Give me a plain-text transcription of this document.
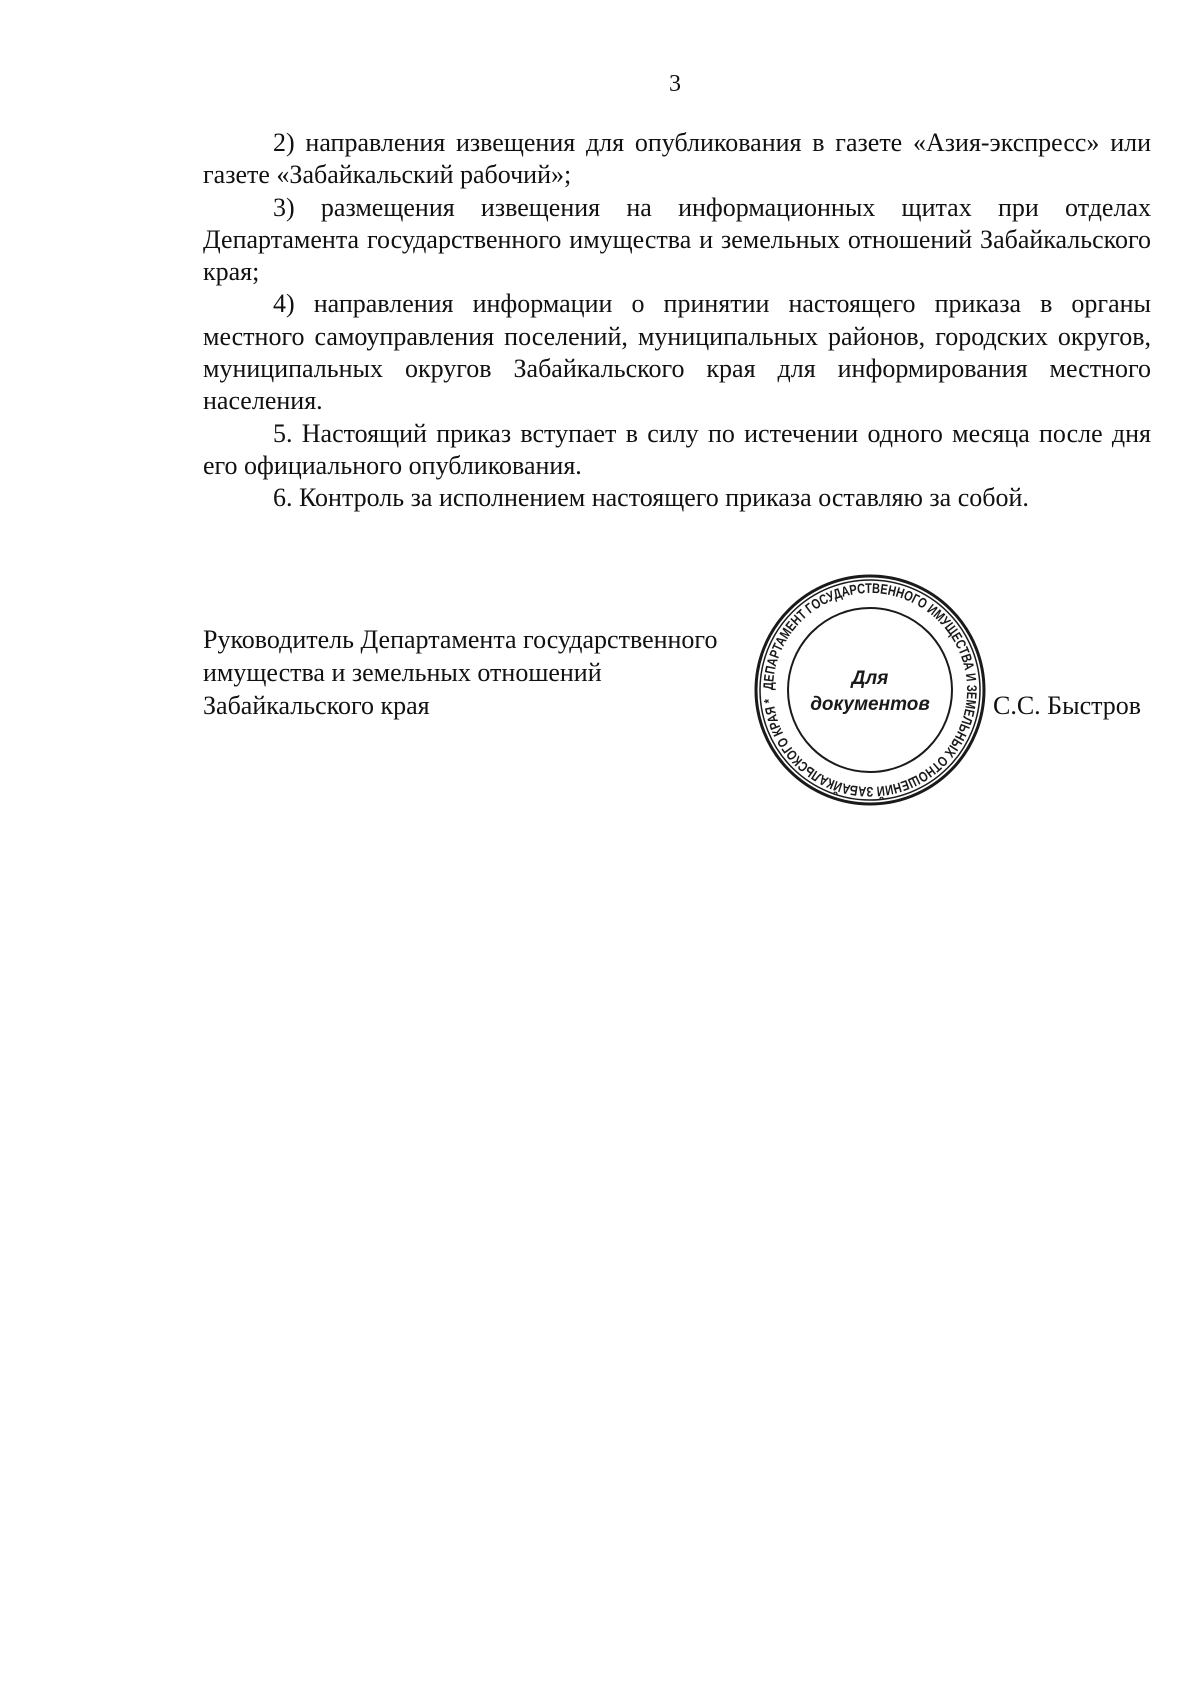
3

2) направления извещения для опубликования в газете «Азия-экспресс» или газете «Забайкальский рабочий»;

3) размещения извещения на информационных щитах при отделах Департамента государственного имущества и земельных отношений Забайкальского края;

4) направления информации о принятии настоящего приказа в органы местного самоуправления поселений, муниципальных районов, городских округов, муниципальных округов Забайкальского края для информирования местного населения.

5. Настоящий приказ вступает в силу по истечении одного месяца после дня его официального опубликования.

6. Контроль за исполнением настоящего приказа оставляю за собой.

Руководитель Департамента государственного
имущества и земельных отношений
Забайкальского края	С.С. Быстров
ДЕПАРТАМЕНТ ГОСУДАРСТВЕННОГО ИМУЩЕСТВА И ЗЕМЕЛЬНЫХ ОТНОШЕНИЙ ЗАБАЙКАЛЬСКОГО КРАЯ *
Для
документов
